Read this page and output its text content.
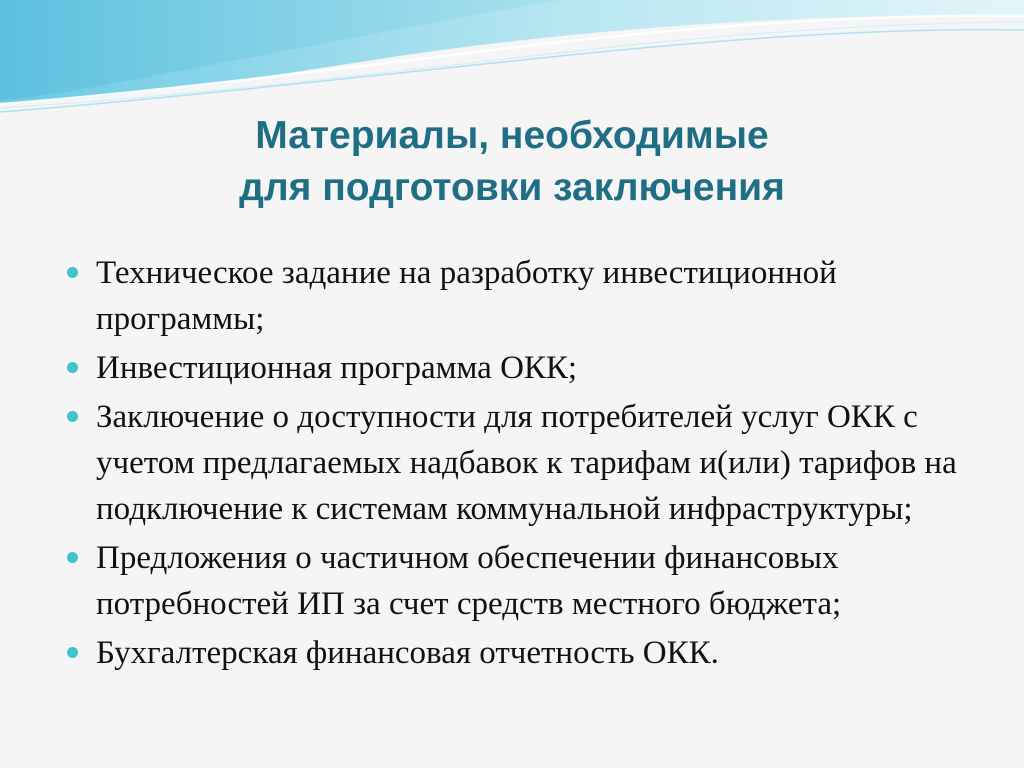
Материалы, необходимые
для подготовки заключения
Техническое задание на разработку инвестиционной программы;
Инвестиционная программа ОКК;
Заключение о доступности для потребителей услуг ОКК с учетом предлагаемых надбавок к тарифам и(или) тарифов на подключение к системам коммунальной инфраструктуры;
Предложения о частичном обеспечении финансовых потребностей ИП за счет средств местного бюджета;
Бухгалтерская финансовая отчетность ОКК.
